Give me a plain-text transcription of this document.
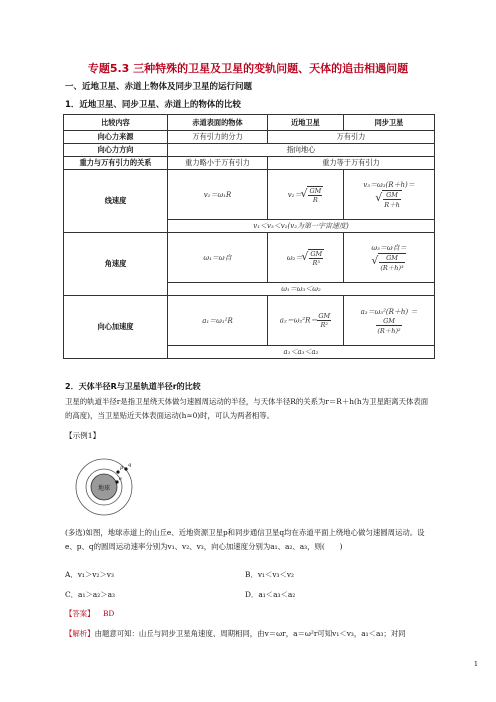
专题5.3 三种特殊的卫星及卫星的变轨问题、天体的追击相遇问题
一、近地卫星、赤道上物体及同步卫星的运行问题
1．近地卫星、同步卫星、赤道上的物体的比较
比较内容	赤道表面的物体	近地卫星	同步卫星
向心力来源	万有引力的分力	万有引力	
向心力方向	指向地心		
重力与万有引力的关系	重力略小于万有引力	重力等于万有引力	
线速度	v₁＝ω₁R	v₂＝ √ $\frac{GM}{R}$	v₃＝ω₃(R＋h)＝
√ $\frac{GM}{R+h}$

	v₁＜v₃＜v₂(v₂为第一宇宙速度)		
角速度	ω₁＝ω自	ω₂＝ √ $\frac{GM}{\text{R³}}$	ω₃＝ω自＝
√ $\frac{GM}{\text{(R＋h)³}}$

	ω₁＝ω₃＜ω₂		
向心加速度	a₁＝ω₁²R	$a_2=\omega_2^2R= \frac{GM}{\text{R²}}$	a₃＝ω₃²(R＋h) ＝
$\frac{GM}{\text{(R＋h)²}}$

	a₁＜a₃＜a₂		
2．天体半径R与卫星轨道半径r的比较
卫星的轨道半径r是指卫星绕天体做匀速圆周运动的半径，与天体半径R的关系为r＝R＋h(h为卫星距离天体表面的高度)，当卫星贴近天体表面运动(h≈0)时，可认为两者相等。
【示例1】
地球
e
p q
(多选)如图，地球赤道上的山丘e、近地资源卫星p和同步通信卫星q均在赤道平面上绕地心做匀速圆周运动。设e、p、q的圆周运动速率分别为v₁、v₂、v₃，向心加速度分别为a₁、a₂、a₃，则(　　)
A．v₁＞v₂＞v₃	B．v₁＜v₃＜v₂
C．a₁＞a₂＞a₃	D．a₁＜a₃＜a₂
【答案】 BD
【解析】由题意可知：山丘与同步卫星角速度、周期相同，由v＝ωr，a＝ω²r可知v₁＜v₃，a₁＜a₃；对同
1
